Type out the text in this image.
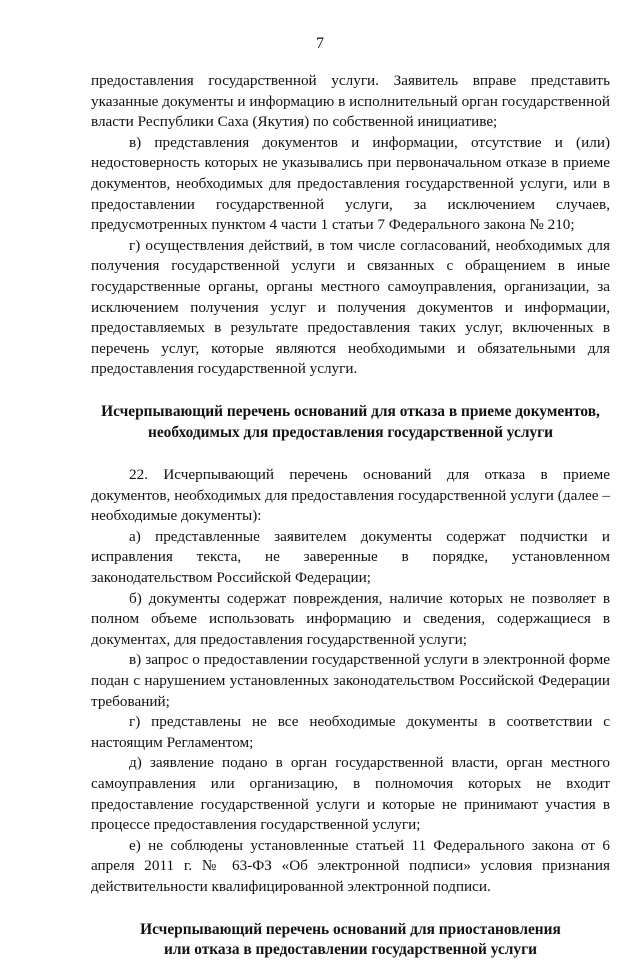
7

предоставления государственной услуги. Заявитель вправе представить указанные документы и информацию в исполнительный орган государственной власти Республики Саха (Якутия) по собственной инициативе;

в) представления документов и информации, отсутствие и (или) недостоверность которых не указывались при первоначальном отказе в приеме документов, необходимых для предоставления государственной услуги, или в предоставлении государственной услуги, за исключением случаев, предусмотренных пунктом 4 части 1 статьи 7 Федерального закона № 210;

г) осуществления действий, в том числе согласований, необходимых для получения государственной услуги и связанных с обращением в иные государственные органы, органы местного самоуправления, организации, за исключением получения услуг и получения документов и информации, предоставляемых в результате предоставления таких услуг, включенных в перечень услуг, которые являются необходимыми и обязательными для предоставления государственной услуги.

Исчерпывающий перечень оснований для отказа в приеме документов,
необходимых для предоставления государственной услуги

22. Исчерпывающий перечень оснований для отказа в приеме документов, необходимых для предоставления государственной услуги (далее – необходимые документы):

а) представленные заявителем документы содержат подчистки и исправления текста, не заверенные в порядке, установленном законодательством Российской Федерации;

б) документы содержат повреждения, наличие которых не позволяет в полном объеме использовать информацию и сведения, содержащиеся в документах, для предоставления государственной услуги;

в) запрос о предоставлении государственной услуги в электронной форме подан с нарушением установленных законодательством Российской Федерации требований;

г) представлены не все необходимые документы в соответствии с настоящим Регламентом;

д) заявление подано в орган государственной власти, орган местного самоуправления или организацию, в полномочия которых не входит предоставление государственной услуги и которые не принимают участия в процессе предоставления государственной услуги;

е) не соблюдены установленные статьей 11 Федерального закона от 6 апреля 2011 г. № 63-ФЗ «Об электронной подписи» условия признания действительности квалифицированной электронной подписи.

Исчерпывающий перечень оснований для приостановления
или отказа в предоставлении государственной услуги
